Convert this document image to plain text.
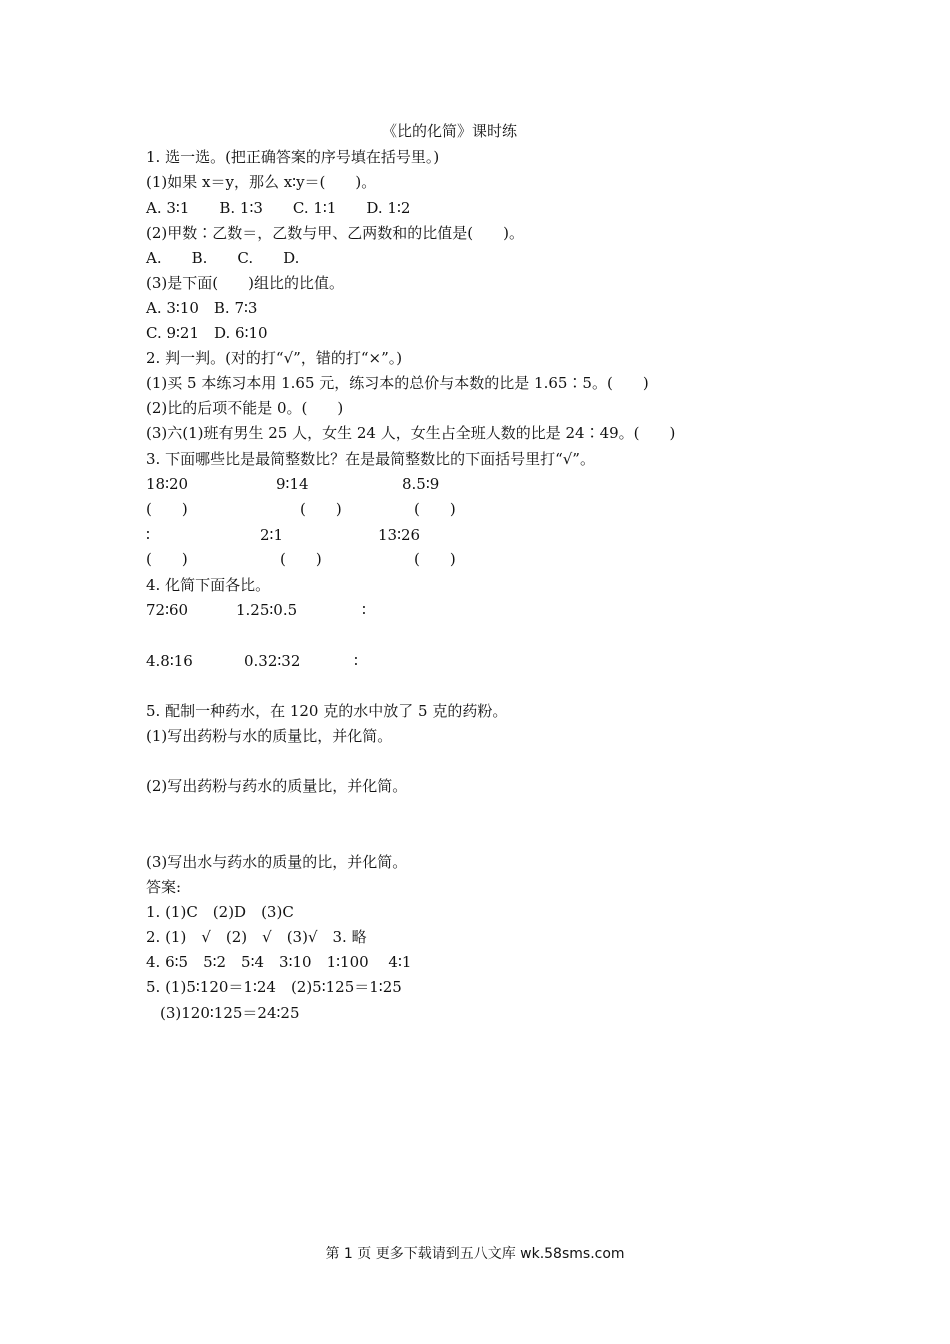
《比的化简》课时练
1. 选一选。(把正确答案的序号填在括号里。)
(1)如果 x＝y，那么 x∶y＝(　　)。
A. 3∶1　　B. 1∶3　　C. 1∶1　　D. 1∶2
(2)甲数∶乙数＝，乙数与甲、乙两数和的比值是(　　)。
A.　　B.　　C.　　D.
(3)是下面(　　)组比的比值。
A. 3∶10　B. 7∶3
C. 9∶21　D. 6∶10
2. 判一判。(对的打“√”，错的打“×”。)
(1)买 5 本练习本用 1.65 元，练习本的总价与本数的比是 1.65∶5。(　　)
(2)比的后项不能是 0。(　　)
(3)六(1)班有男生 25 人，女生 24 人，女生占全班人数的比是 24∶49。(　　)
3. 下面哪些比是最简整数比？在是最简整数比的下面括号里打“√”。
18∶20	9∶14	8.5∶9
(　　)	(　　)	(　　)
∶	2∶1	13∶26
(　　)	(　　)	(　　)
4. 化简下面各比。
72∶60	1.25∶0.5	∶
4.8∶16	0.32∶32	∶
5. 配制一种药水，在 120 克的水中放了 5 克的药粉。
(1)写出药粉与水的质量比，并化简。
(2)写出药粉与药水的质量比，并化简。
(3)写出水与药水的质量的比，并化简。
答案:
1. (1)C　(2)D　(3)C
2. (1)　√　(2)　√　(3)√　3. 略
4. 6∶5　5∶2　5∶4　3∶10　1∶100　 4∶1
5. (1)5∶120＝1∶24　(2)5∶125＝1∶25
(3)120∶125＝24∶25
第 1 页 更多下载请到五八文库 wk.58sms.com
